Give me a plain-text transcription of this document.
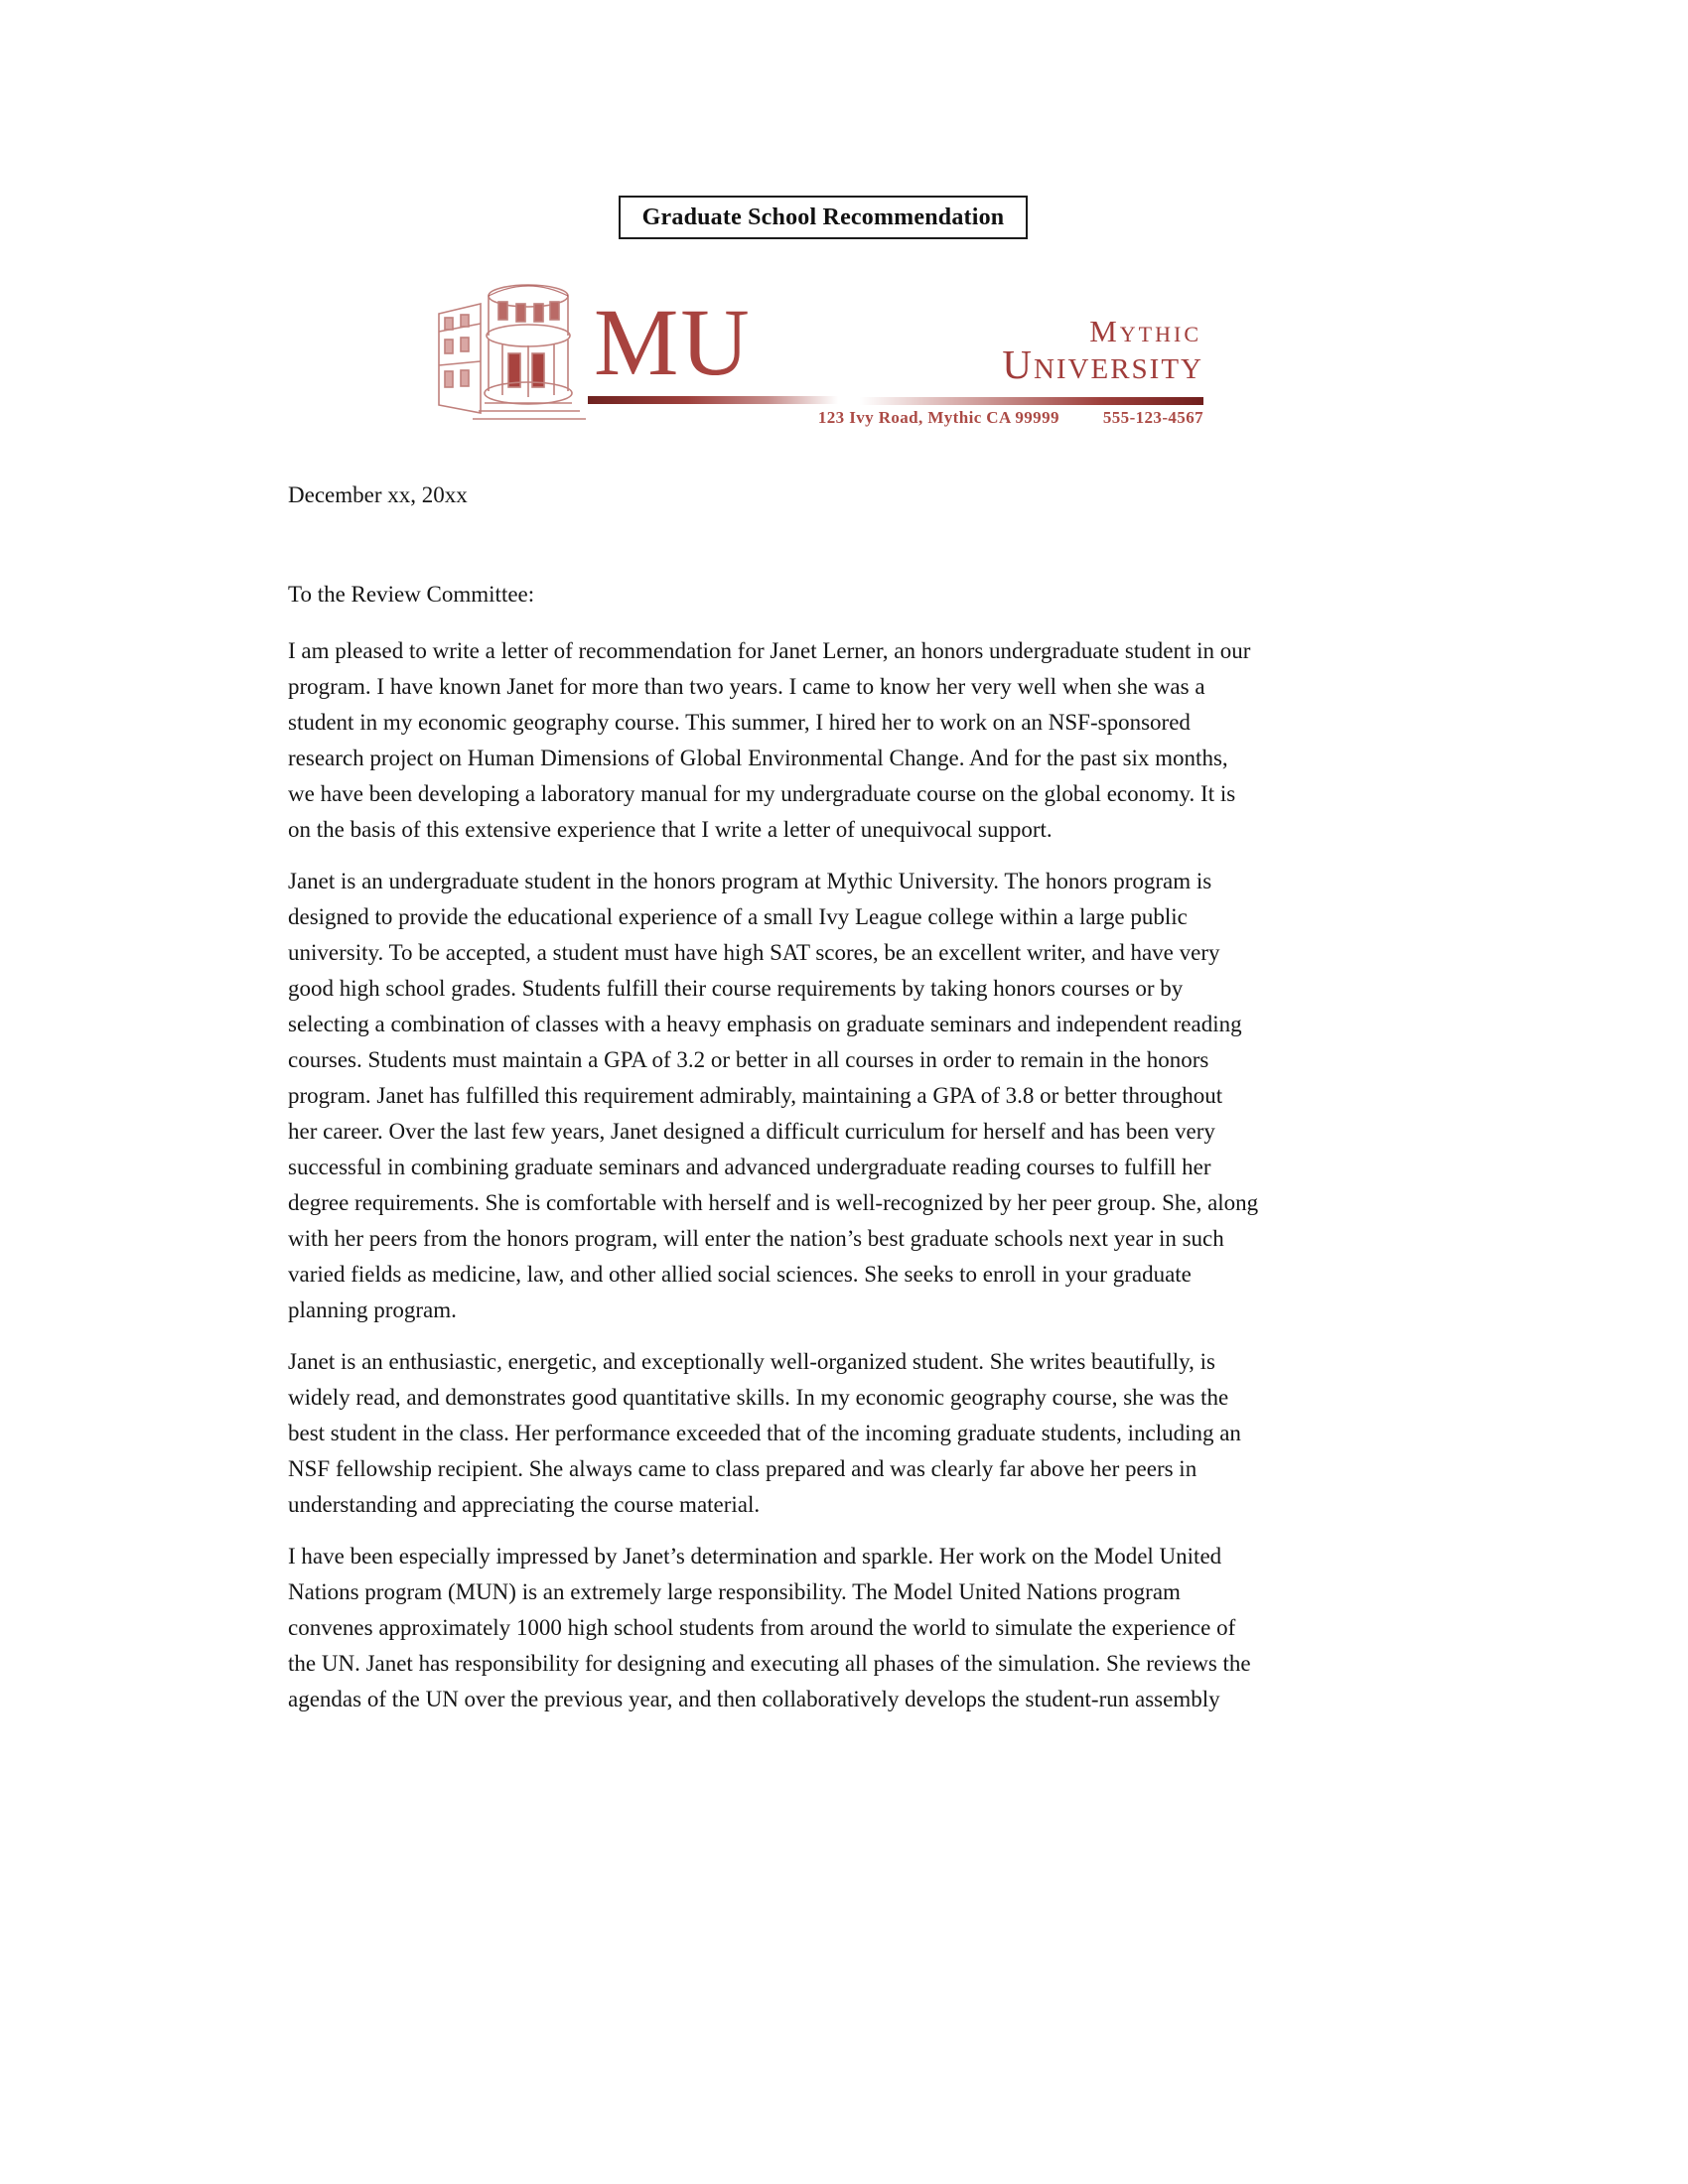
Graduate School Recommendation
MU	Mythic
University
123 Ivy Road, Mythic CA 99999	555-123-4567

December xx, 20xx

To the Review Committee:

I am pleased to write a letter of recommendation for Janet Lerner, an honors undergraduate student in our
program. I have known Janet for more than two years. I came to know her very well when she was a
student in my economic geography course. This summer, I hired her to work on an NSF-sponsored
research project on Human Dimensions of Global Environmental Change. And for the past six months,
we have been developing a laboratory manual for my undergraduate course on the global economy. It is
on the basis of this extensive experience that I write a letter of unequivocal support.

Janet is an undergraduate student in the honors program at Mythic University. The honors program is
designed to provide the educational experience of a small Ivy League college within a large public
university. To be accepted, a student must have high SAT scores, be an excellent writer, and have very
good high school grades. Students fulfill their course requirements by taking honors courses or by
selecting a combination of classes with a heavy emphasis on graduate seminars and independent reading
courses. Students must maintain a GPA of 3.2 or better in all courses in order to remain in the honors
program. Janet has fulfilled this requirement admirably, maintaining a GPA of 3.8 or better throughout
her career. Over the last few years, Janet designed a difficult curriculum for herself and has been very
successful in combining graduate seminars and advanced undergraduate reading courses to fulfill her
degree requirements. She is comfortable with herself and is well-recognized by her peer group. She, along
with her peers from the honors program, will enter the nation’s best graduate schools next year in such
varied fields as medicine, law, and other allied social sciences. She seeks to enroll in your graduate
planning program.

Janet is an enthusiastic, energetic, and exceptionally well-organized student. She writes beautifully, is
widely read, and demonstrates good quantitative skills. In my economic geography course, she was the
best student in the class. Her performance exceeded that of the incoming graduate students, including an
NSF fellowship recipient. She always came to class prepared and was clearly far above her peers in
understanding and appreciating the course material.

I have been especially impressed by Janet’s determination and sparkle. Her work on the Model United
Nations program (MUN) is an extremely large responsibility. The Model United Nations program
convenes approximately 1000 high school students from around the world to simulate the experience of
the UN. Janet has responsibility for designing and executing all phases of the simulation. She reviews the
agendas of the UN over the previous year, and then collaboratively develops the student-run assembly
